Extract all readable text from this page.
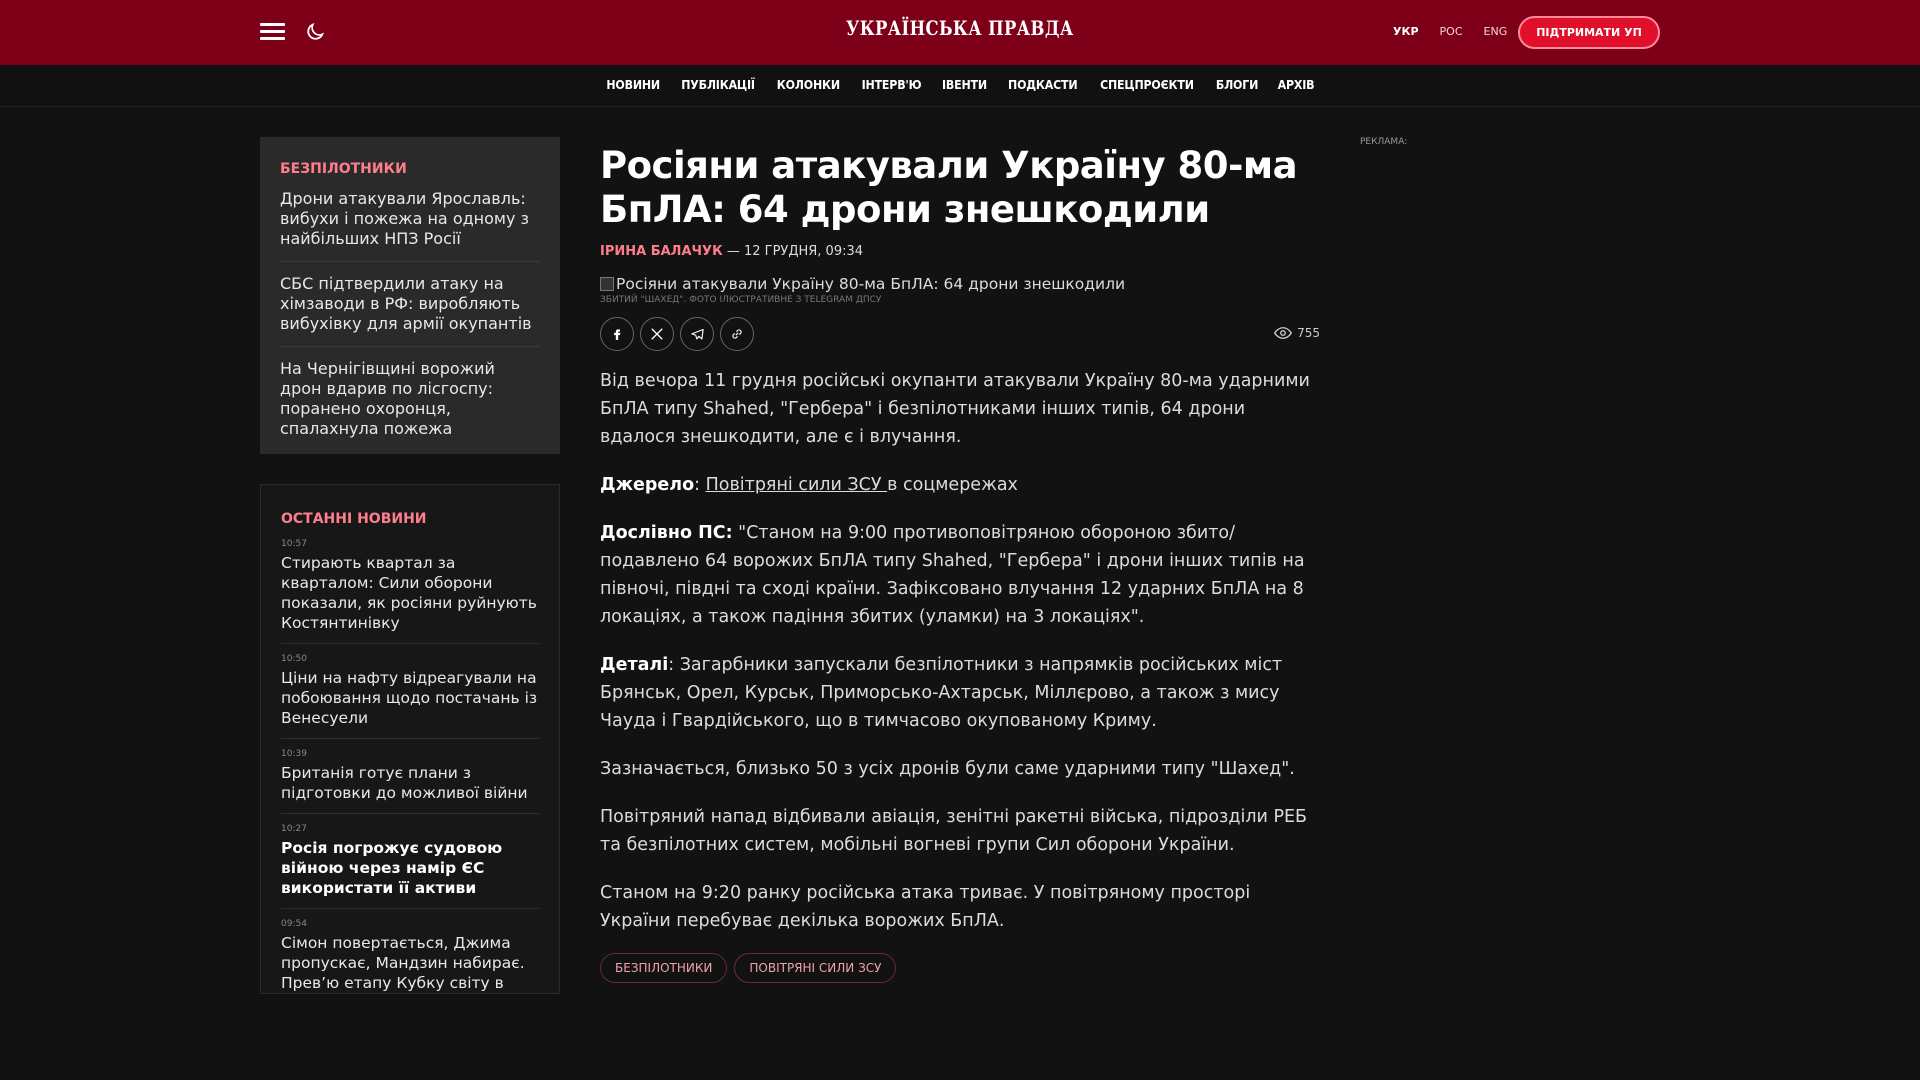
УКРАЇНСЬКА ПРАВДА	УКР РОС ENG	ПІДТРИМАТИ УП
НОВИНИ ПУБЛІКАЦІЇ КОЛОНКИ ІНТЕРВ'Ю ІВЕНТИ ПОДКАСТИ СПЕЦПРОЄКТИ БЛОГИ АРХІВ
БЕЗПІЛОТНИКИ
Дрони атакували Ярославль: вибухи і пожежа на одному з найбільших НПЗ Росії
СБС підтвердили атаку на хімзаводи в РФ: виробляють вибухівку для армії окупантів
На Чернігівщині ворожий дрон вдарив по лісгоспу: поранено охоронця, спалахнула пожежа
ОСТАННІ НОВИНИ
10:57
Стирають квартал за кварталом: Сили оборони показали, як росіяни руйнують Костянтинівку
10:50
Ціни на нафту відреагували на побоювання щодо постачань із Венесуели
10:39
Британія готує плани з підготовки до можливої війни
10:27
Росія погрожує судовою війною через намір ЄС використати її активи
09:54
Сімон повертається, Джима пропускає, Мандзин набирає. Прев’ю етапу Кубку світу в
Росіяни атакували Україну 80-ма БпЛА: 64 дрони знешкодили
ІРИНА БАЛАЧУК — 12 ГРУДНЯ, 09:34
Росіяни атакували Україну 80-ма БпЛА: 64 дрони знешкодили
ЗБИТИЙ "ШАХЕД". ФОТО ІЛЮСТРАТИВНЕ З TELEGRAM ДПСУ
755

Від вечора 11 грудня російські окупанти атакували Україну 80-ма ударними БпЛА типу Shahed, "Гербера" і безпілотниками інших типів, 64 дрони вдалося знешкодити, але є і влучання.

Джерело: Повітряні сили ЗСУ в соцмережах

Дослівно ПС: "Станом на 9:00 противоповітряною обороною збито/подавлено 64 ворожих БпЛА типу Shahed, "Гербера" і дрони інших типів на півночі, півдні та сході країни. Зафіксовано влучання 12 ударних БпЛА на 8 локаціях, а також падіння збитих (уламки) на 3 локаціях".

Деталі: Загарбники запускали безпілотники з напрямків російських міст Брянськ, Орел, Курськ, Приморсько-Ахтарськ, Міллєрово, а також з мису Чауда і Гвардійського, що в тимчасово окупованому Криму.

Зазначається, близько 50 з усіх дронів були саме ударними типу "Шахед".

Повітряний напад відбивали авіація, зенітні ракетні війська, підрозділи РЕБ та безпілотних систем, мобільні вогневі групи Сил оборони України.

Станом на 9:20 ранку російська атака триває. У повітряному просторі України перебуває декілька ворожих БпЛА.

БЕЗПІЛОТНИКИ	ПОВІТРЯНІ СИЛИ ЗСУ
РЕКЛАМА:
